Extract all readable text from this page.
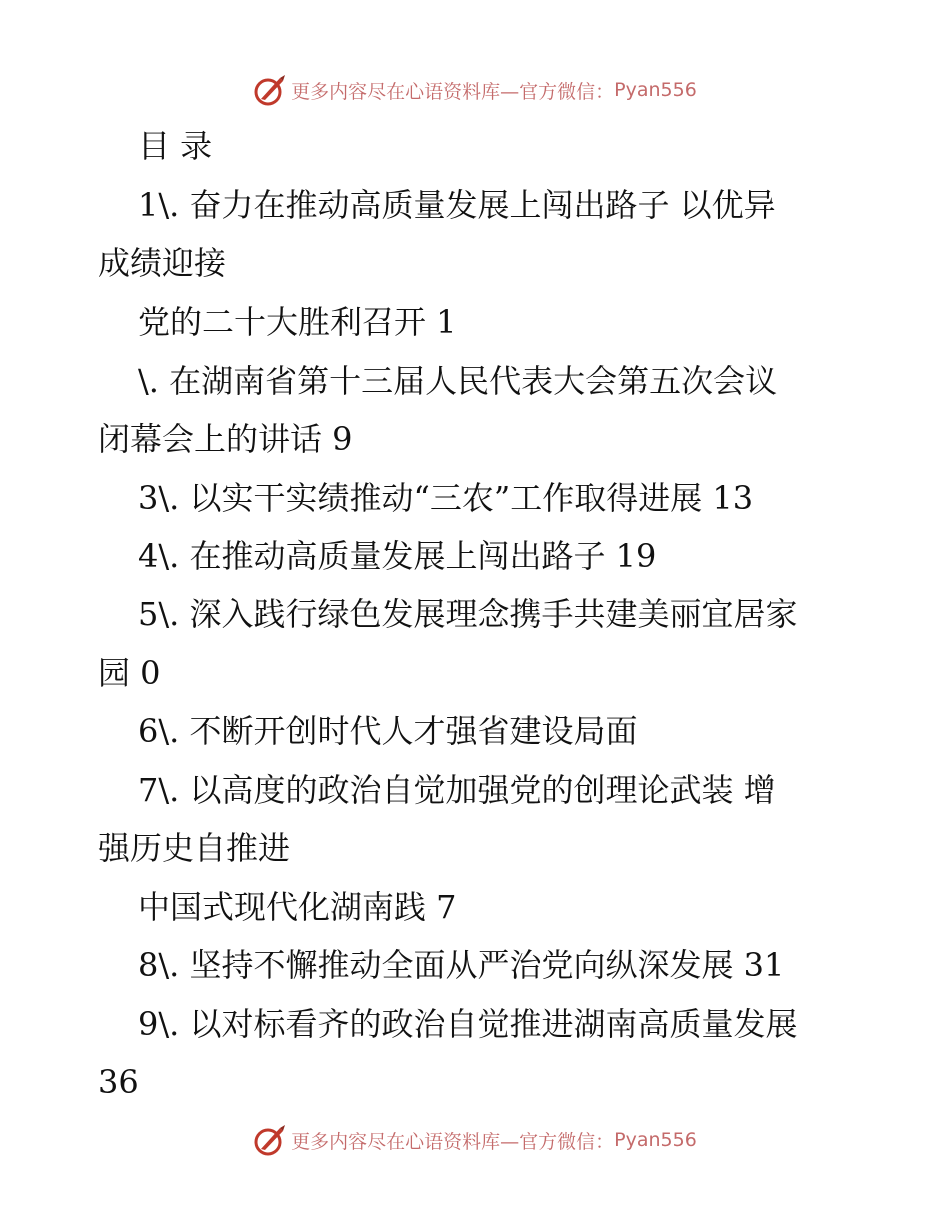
更多内容尽在心语资料库—官方微信： Pyan556
目 录
1\. 奋力在推动高质量发展上闯出路子 以优异
成绩迎接
党的二十大胜利召开 1
\. 在湖南省第十三届人民代表大会第五次会议
闭幕会上的讲话 9
3\. 以实干实绩推动“三农”工作取得进展 13
4\. 在推动高质量发展上闯出路子 19
5\. 深入践行绿色发展理念携手共建美丽宜居家
园 0
6\. 不断开创时代人才强省建设局面
7\. 以高度的政治自觉加强党的创理论武装 增
强历史自推进
中国式现代化湖南践 7
8\. 坚持不懈推动全面从严治党向纵深发展 31
9\. 以对标看齐的政治自觉推进湖南高质量发展
36
更多内容尽在心语资料库—官方微信： Pyan556
